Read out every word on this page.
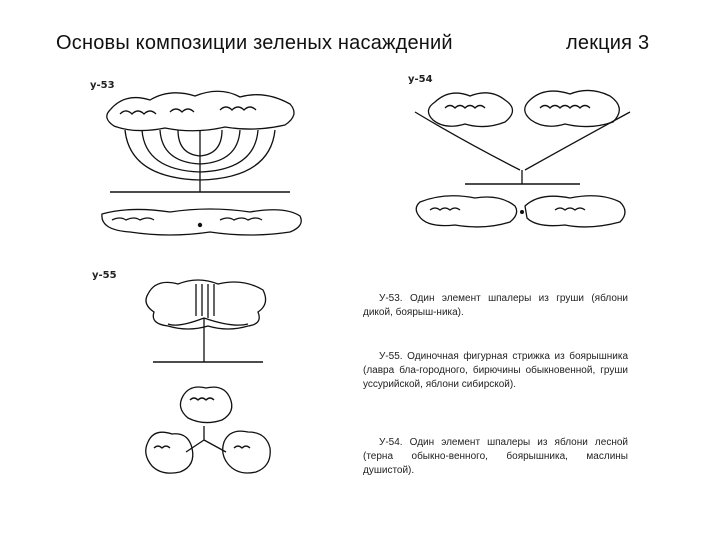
Основы композиции зеленых насаждений	лекция 3
у-53
у-54
у-55
У-53. Один элемент шпалеры из груши (яблони дикой, боярыш-ника).
У-55. Одиночная фигурная стрижка из боярышника (лавра бла-городного, бирючины обыкновенной, груши уссурийской, яблони сибирской).
У-54. Один элемент шпалеры из яблони лесной (терна обыкно-венного, боярышника, маслины душистой).
